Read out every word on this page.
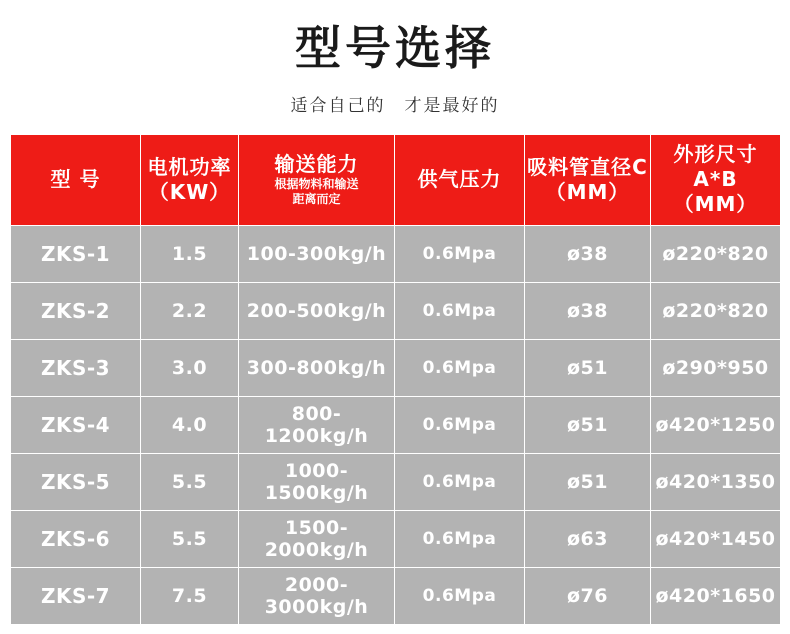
型号选择
适合自己的　才是最好的
型 号

电机功率
（KW）

输送能力
根据物料和输送
距离而定

供气压力

吸料管直径C
（MM）

外形尺寸A*B
（MM）

ZKS-1	1.5	100-300kg/h	0.6Mpa	ø38	ø220*820
ZKS-2	2.2	200-500kg/h	0.6Mpa	ø38	ø220*820
ZKS-3	3.0	300-800kg/h	0.6Mpa	ø51	ø290*950
ZKS-4	4.0	800-1200kg/h	0.6Mpa	ø51	ø420*1250
ZKS-5	5.5	1000-1500kg/h	0.6Mpa	ø51	ø420*1350
ZKS-6	5.5	1500-2000kg/h	0.6Mpa	ø63	ø420*1450
ZKS-7	7.5	2000-3000kg/h	0.6Mpa	ø76	ø420*1650
